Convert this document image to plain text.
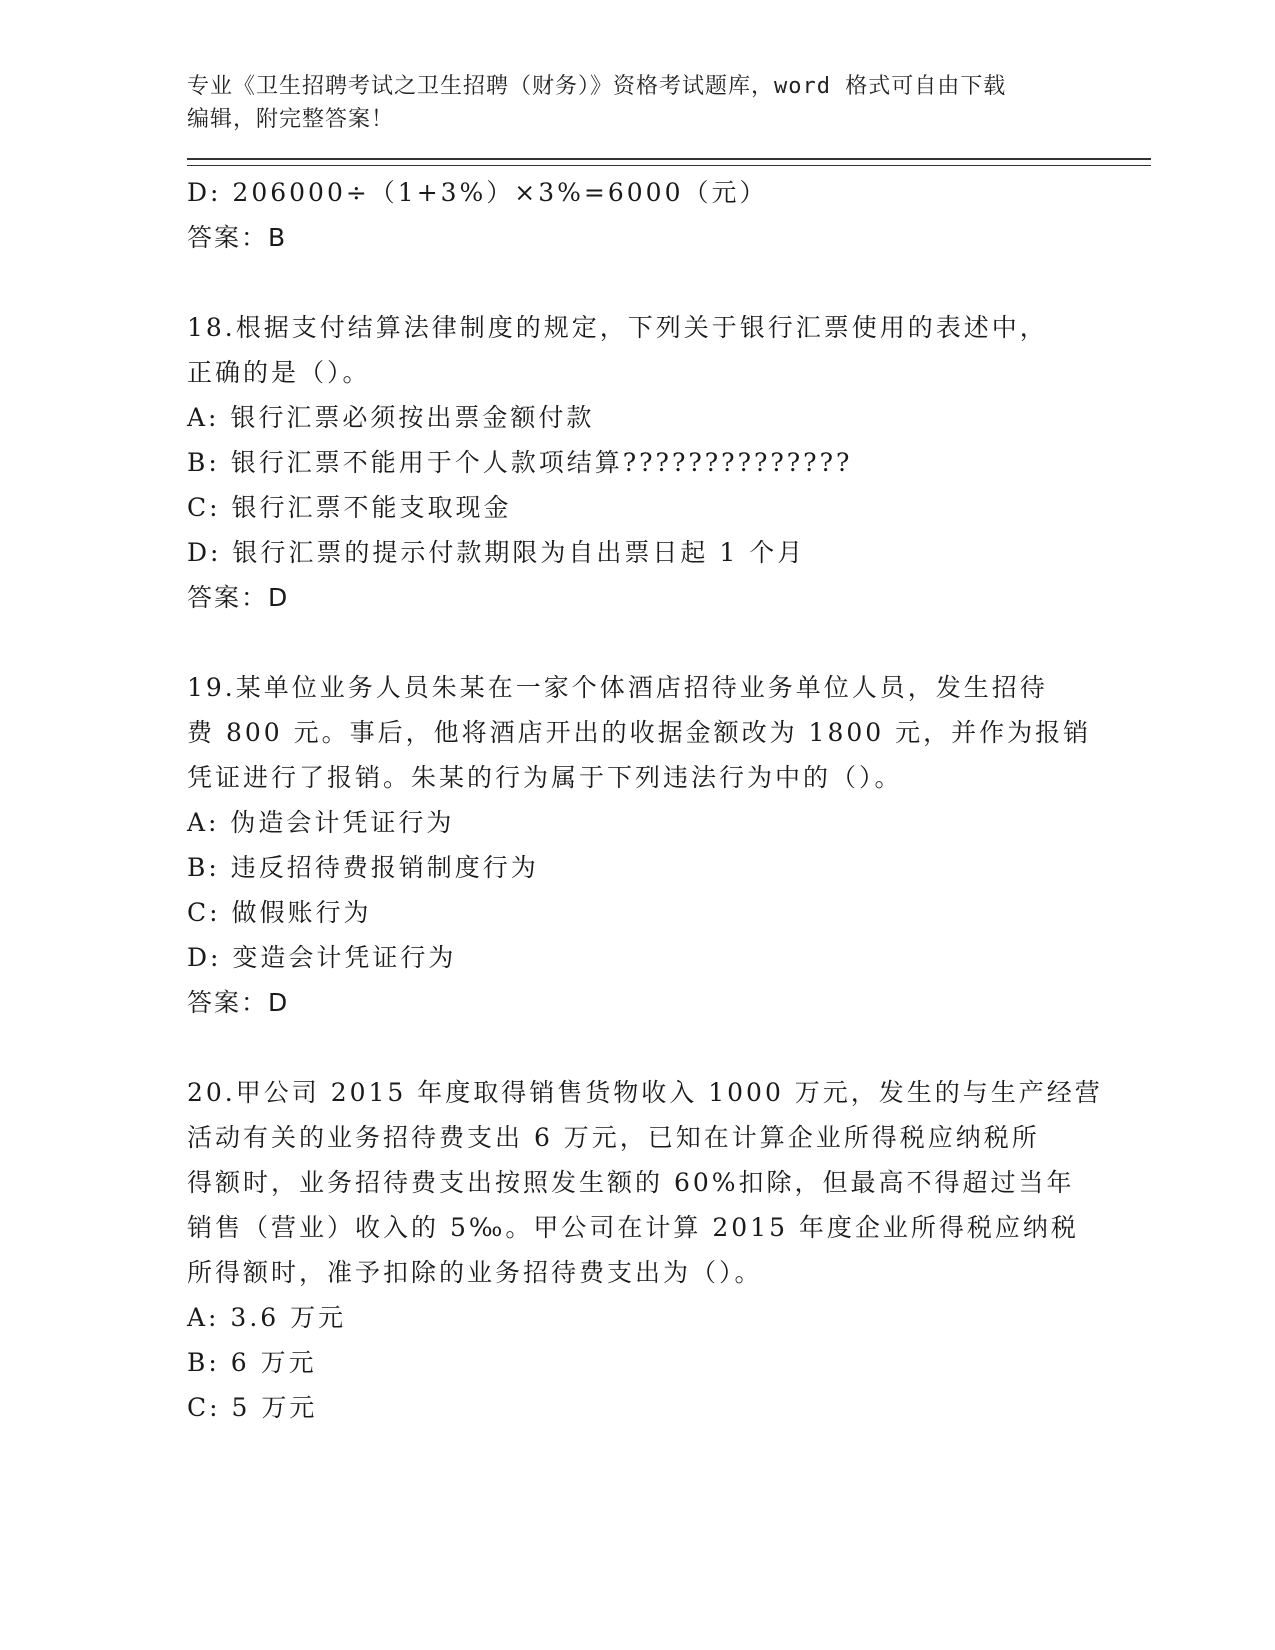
专业《卫生招聘考试之卫生招聘（财务）》资格考试题库，word 格式可自由下载
编辑，附完整答案！

D: 206000÷（1+3%）×3%=6000（元）

答案：B

18.根据支付结算法律制度的规定，下列关于银行汇票使用的表述中，

正确的是（）。

A: 银行汇票必须按出票金额付款

B: 银行汇票不能用于个人款项结算??????????????

C: 银行汇票不能支取现金

D: 银行汇票的提示付款期限为自出票日起 1 个月

答案：D

19.某单位业务人员朱某在一家个体酒店招待业务单位人员，发生招待

费 800 元。事后，他将酒店开出的收据金额改为 1800 元，并作为报销

凭证进行了报销。朱某的行为属于下列违法行为中的（）。

A: 伪造会计凭证行为

B: 违反招待费报销制度行为

C: 做假账行为

D: 变造会计凭证行为

答案：D

20.甲公司 2015 年度取得销售货物收入 1000 万元，发生的与生产经营

活动有关的业务招待费支出 6 万元，已知在计算企业所得税应纳税所

得额时，业务招待费支出按照发生额的 60%扣除，但最高不得超过当年

销售（营业）收入的 5‰。甲公司在计算 2015 年度企业所得税应纳税

所得额时，准予扣除的业务招待费支出为（）。

A: 3.6 万元

B: 6 万元

C: 5 万元
